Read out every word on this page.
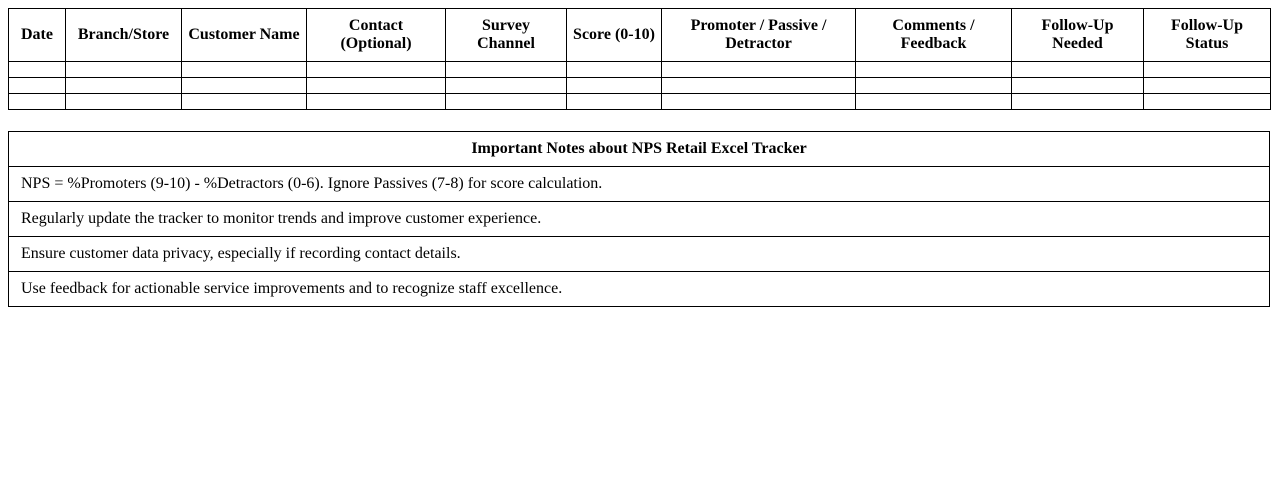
Date	Branch/Store	Customer Name	Contact (Optional)	Survey Channel	Score (0-10)	Promoter / Passive / Detractor	Comments / Feedback	Follow-Up Needed	Follow-Up Status

Important Notes about NPS Retail Excel Tracker
NPS = %Promoters (9-10) - %Detractors (0-6). Ignore Passives (7-8) for score calculation.
Regularly update the tracker to monitor trends and improve customer experience.
Ensure customer data privacy, especially if recording contact details.
Use feedback for actionable service improvements and to recognize staff excellence.
